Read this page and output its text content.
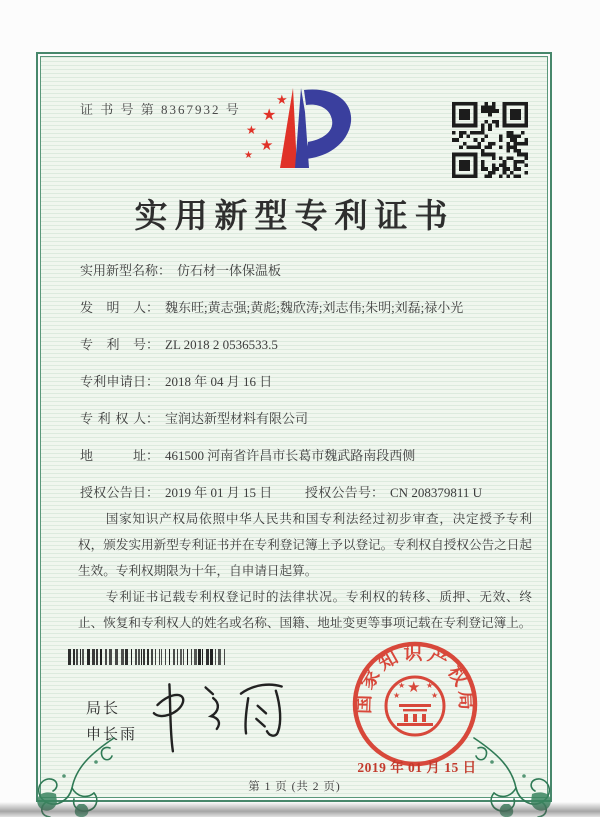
证 书 号 第 8367932 号
★
★
★
★
★
实用新型专利证书
实用新型名称： 仿石材一体保温板
发明人： 魏东旺;黄志强;黄彪;魏欣涛;刘志伟;朱明;刘磊;禄小光
专利号： ZL 2018 2 0536533.5
专利申请日： 2018 年 04 月 16 日
专利权人： 宝润达新型材料有限公司
地址： 461500 河南省许昌市长葛市魏武路南段西侧
授权公告日： 2019 年 01 月 15 日	授权公告号： CN 208379811 U

国家知识产权局依照中华人民共和国专利法经过初步审查，决定授予专利权，颁发实用新型专利证书并在专利登记簿上予以登记。专利权自授权公告之日起生效。专利权期限为十年，自申请日起算。

专利证书记载专利权登记时的法律状况。专利权的转移、质押、无效、终止、恢复和专利权人的姓名或名称、国籍、地址变更等事项记载在专利登记簿上。

局长
申长雨
国家知识产权局
★
★	★
★	★
2019 年 01 月 15 日
第 1 页 (共 2 页)
